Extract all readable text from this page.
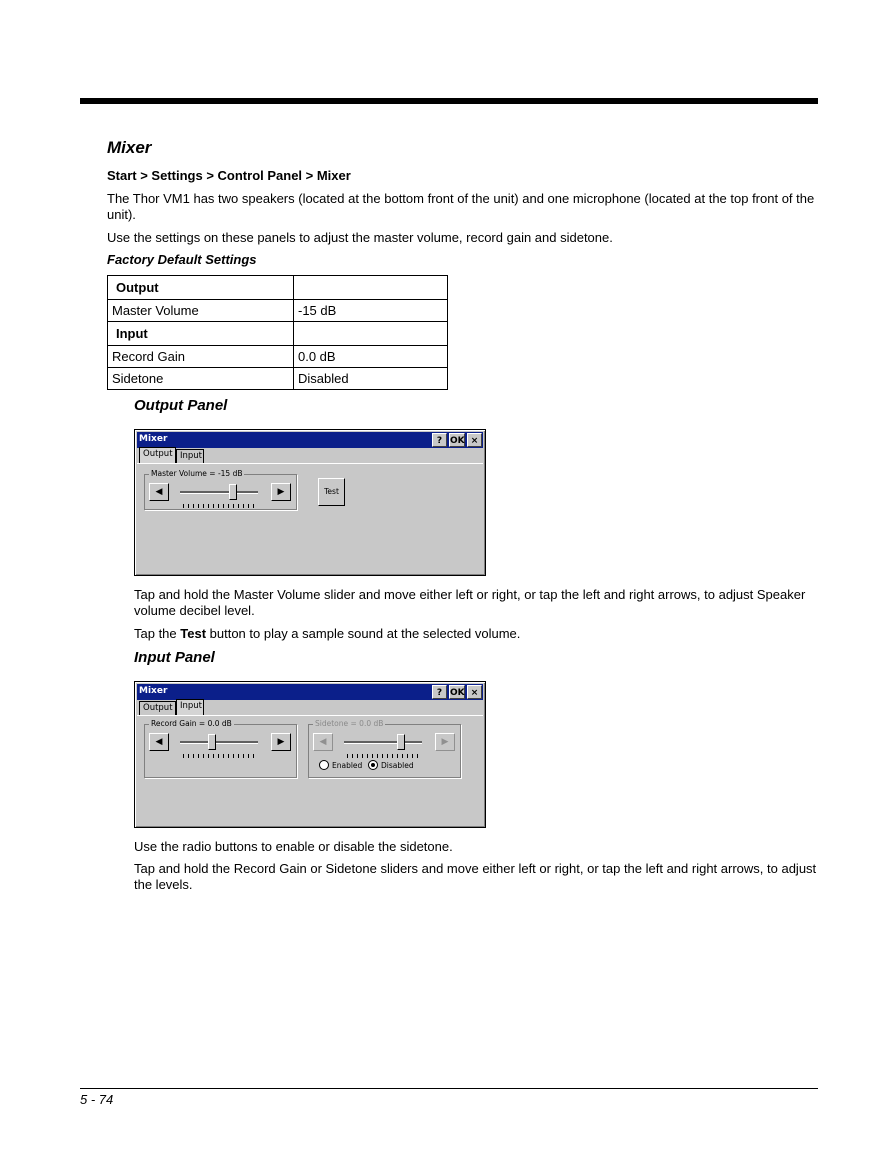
Mixer
Start > Settings > Control Panel > Mixer
The Thor VM1 has two speakers (located at the bottom front of the unit) and one microphone (located at the top front of the unit).
Use the settings on these panels to adjust the master volume, record gain and sidetone.
Factory Default Settings
Output	
Master Volume	-15 dB
Input	
Record Gain	0.0 dB
Sidetone	Disabled
Output Panel
Mixer	? OK ×
Output Input
Master Volume = -15 dB
◀	▶	Test
Tap and hold the Master Volume slider and move either left or right, or tap the left and right arrows, to adjust Speaker volume decibel level.
Tap the Test button to play a sample sound at the selected volume.
Input Panel
Mixer	? OK ×
Output Input
Record Gain = 0.0 dB
◀	▶
Sidetone = 0.0 dB
◀	▶
Enabled Disabled
Use the radio buttons to enable or disable the sidetone.
Tap and hold the Record Gain or Sidetone sliders and move either left or right, or tap the left and right arrows, to adjust the levels.
5 - 74
